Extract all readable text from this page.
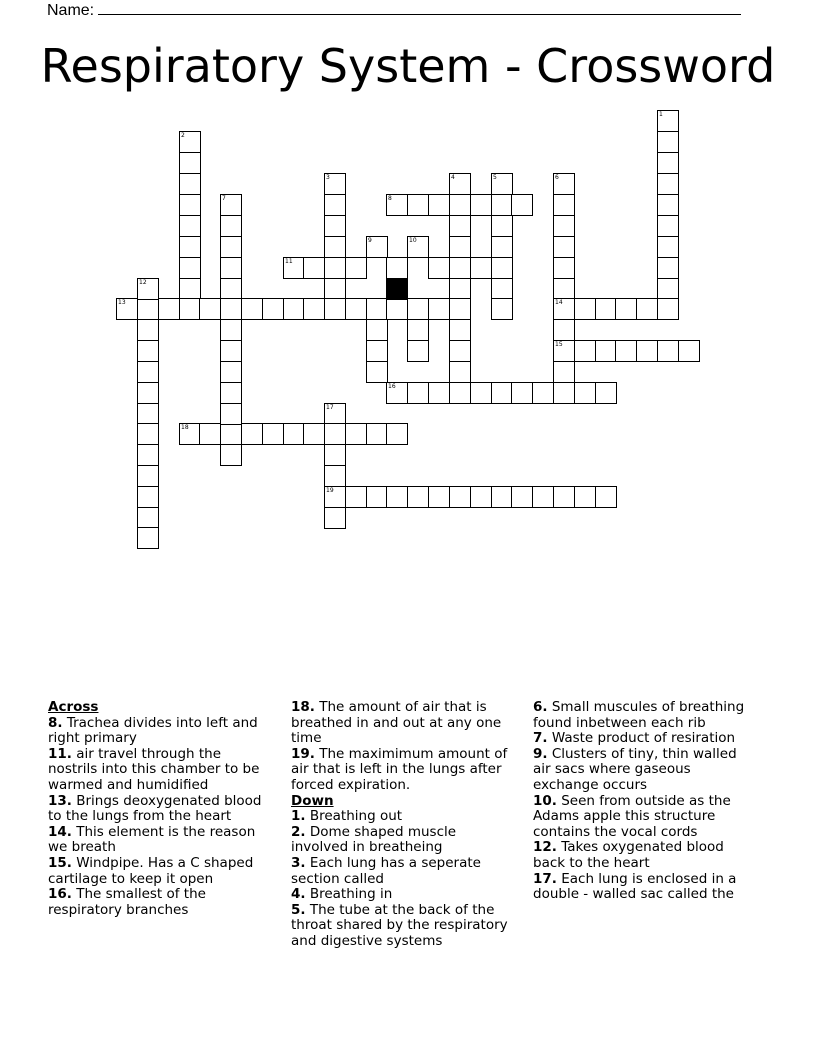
Name:
Respiratory System - Crossword
1
2
3	4	5	6
7	8
9	10
11
12
13	14
15
16
17
18
19
Across
8. Trachea divides into left and right primary
11. air travel through the nostrils into this chamber to be warmed and humidified
13. Brings deoxygenated blood to the lungs from the heart
14. This element is the reason we breath
15. Windpipe. Has a C shaped cartilage to keep it open
16. The smallest of the respiratory branches
18. The amount of air that is breathed in and out at any one time
19. The maximimum amount of air that is left in the lungs after forced expiration.
Down
1. Breathing out
2. Dome shaped muscle involved in breatheing
3. Each lung has a seperate section called
4. Breathing in
5. The tube at the back of the throat shared by the respiratory and digestive systems
6. Small muscules of breathing found inbetween each rib
7. Waste product of resiration
9. Clusters of tiny, thin walled air sacs where gaseous exchange occurs
10. Seen from outside as the Adams apple this structure contains the vocal cords
12. Takes oxygenated blood back to the heart
17. Each lung is enclosed in a double - walled sac called the
